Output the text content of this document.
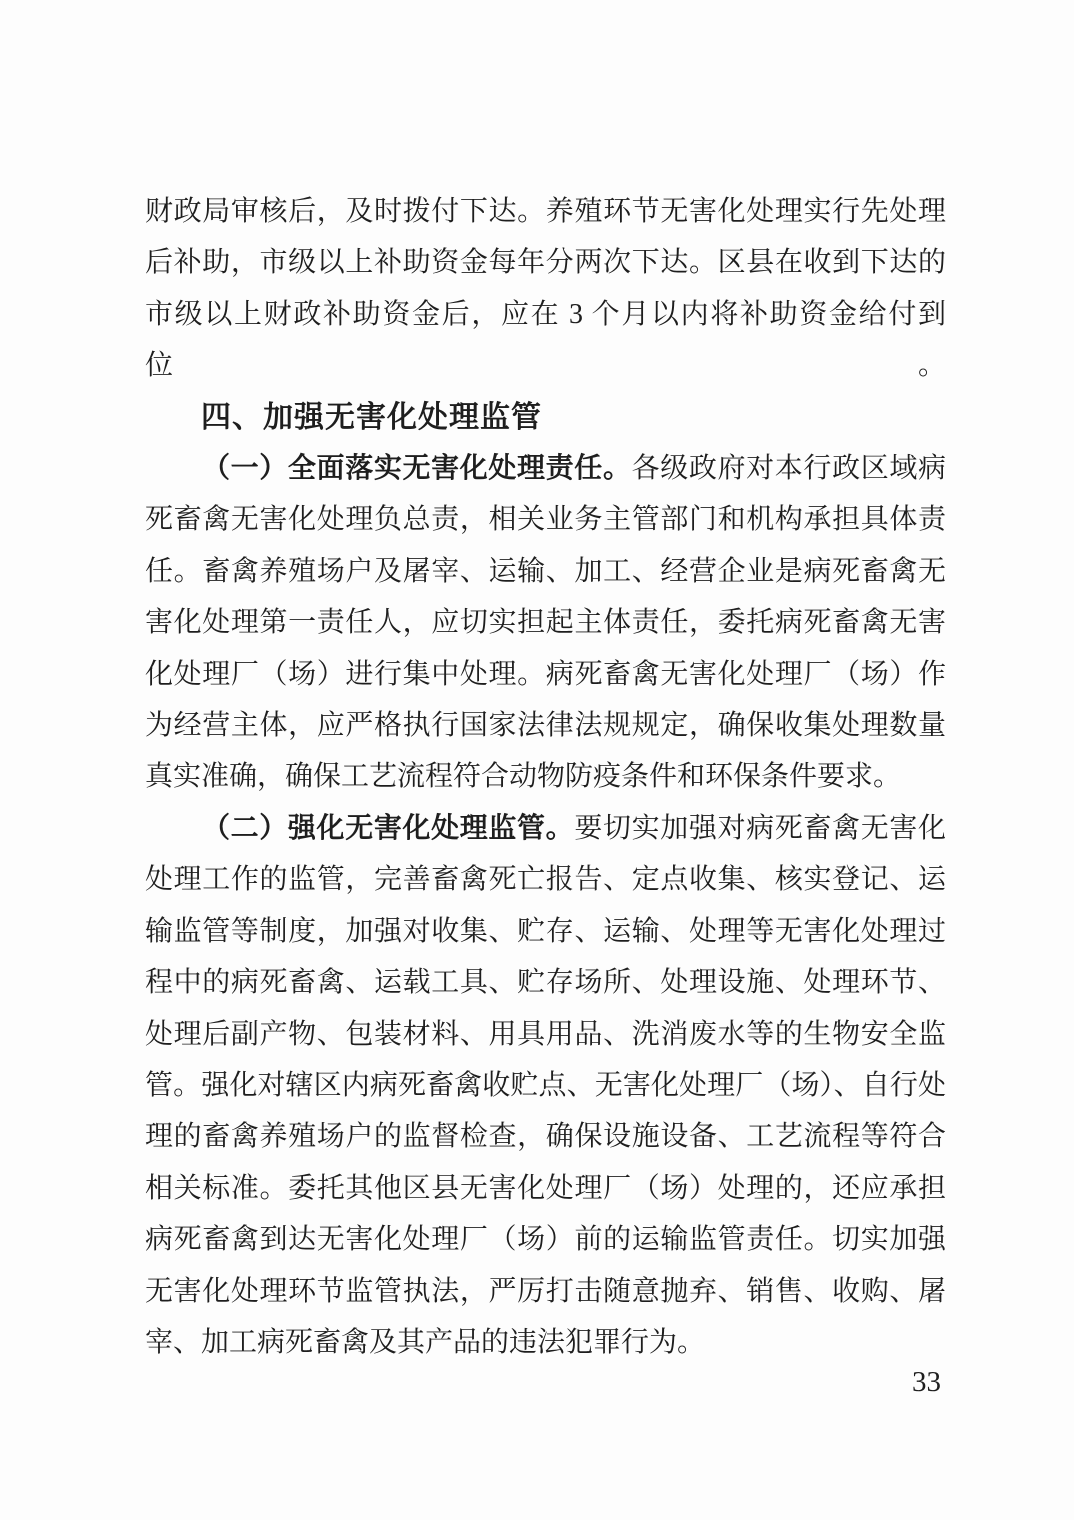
财政局审核后，及时拨付下达。养殖环节无害化处理实行先处理
后补助，市级以上补助资金每年分两次下达。区县在收到下达的
市级以上财政补助资金后，应在 3 个月以内将补助资金给付到位。
四、加强无害化处理监管
（一）全面落实无害化处理责任。各级政府对本行政区域病
死畜禽无害化处理负总责，相关业务主管部门和机构承担具体责
任。畜禽养殖场户及屠宰、运输、加工、经营企业是病死畜禽无
害化处理第一责任人，应切实担起主体责任，委托病死畜禽无害
化处理厂（场）进行集中处理。病死畜禽无害化处理厂（场）作
为经营主体，应严格执行国家法律法规规定，确保收集处理数量
真实准确，确保工艺流程符合动物防疫条件和环保条件要求。
（二）强化无害化处理监管。要切实加强对病死畜禽无害化
处理工作的监管，完善畜禽死亡报告、定点收集、核实登记、运
输监管等制度，加强对收集、贮存、运输、处理等无害化处理过
程中的病死畜禽、运载工具、贮存场所、处理设施、处理环节、
处理后副产物、包装材料、用具用品、洗消废水等的生物安全监
管。强化对辖区内病死畜禽收贮点、无害化处理厂（场）、自行处
理的畜禽养殖场户的监督检查，确保设施设备、工艺流程等符合
相关标准。委托其他区县无害化处理厂（场）处理的，还应承担
病死畜禽到达无害化处理厂（场）前的运输监管责任。切实加强
无害化处理环节监管执法，严厉打击随意抛弃、销售、收购、屠
宰、加工病死畜禽及其产品的违法犯罪行为。
33
